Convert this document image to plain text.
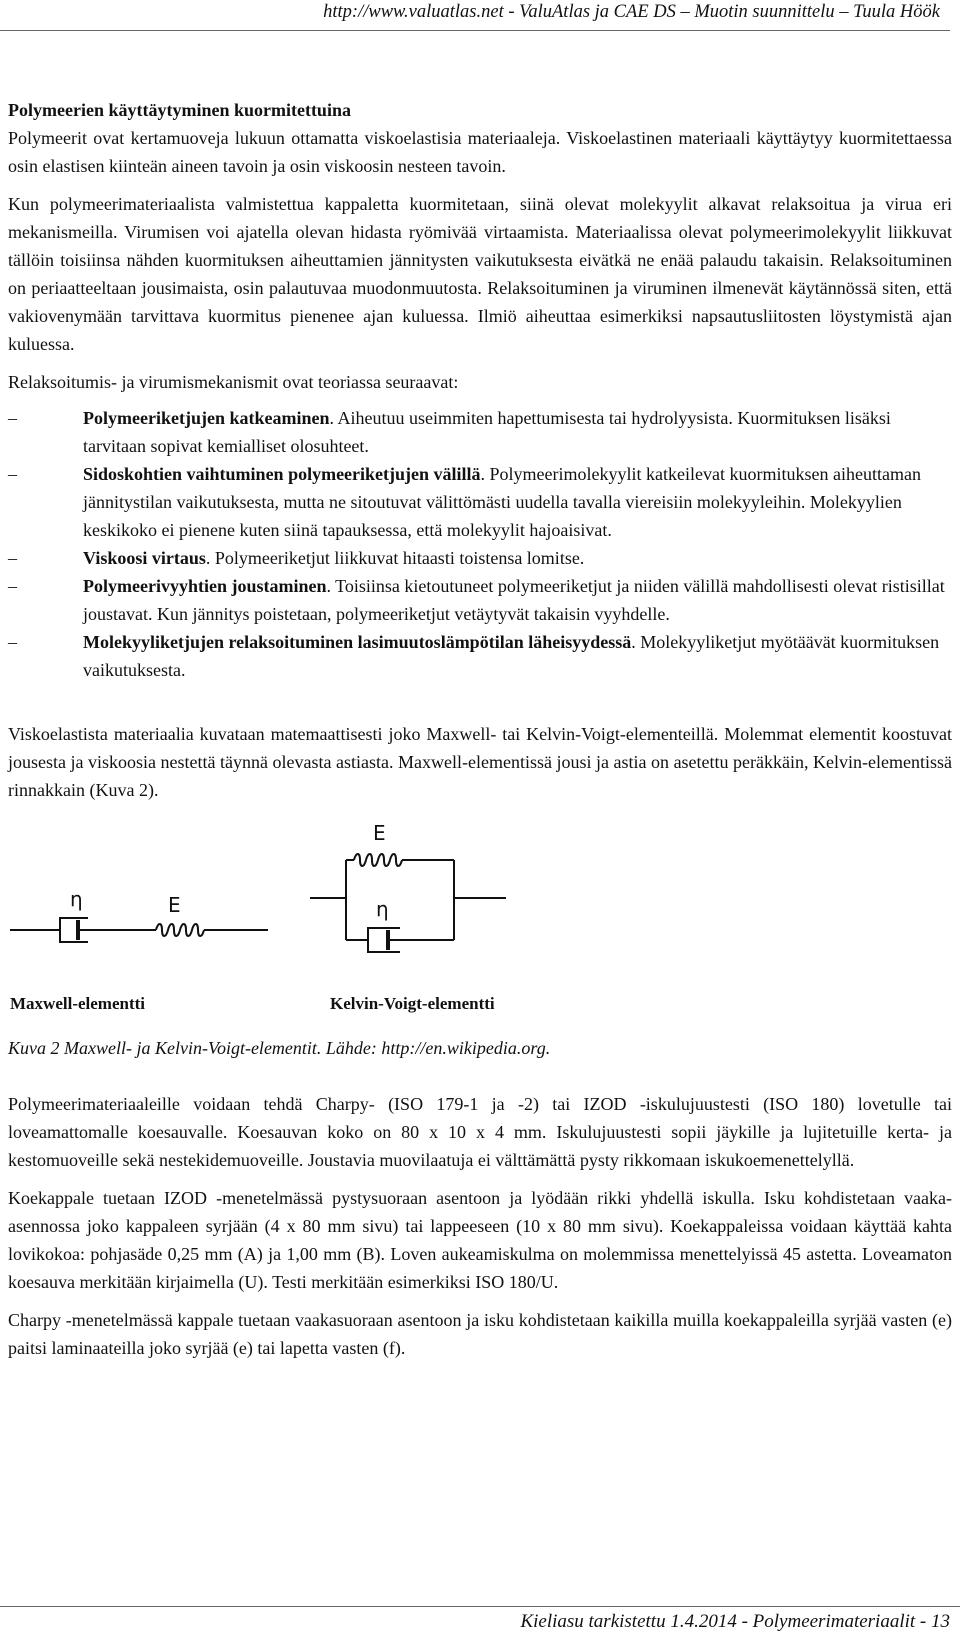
http://www.valuatlas.net - ValuAtlas ja CAE DS – Muotin suunnittelu – Tuula Höök

Polymeerien käyttäytyminen kuormitettuina

Polymeerit ovat kertamuoveja lukuun ottamatta viskoelastisia materiaaleja. Viskoelastinen materiaali käyttäytyy kuormitettaessa osin elastisen kiinteän aineen tavoin ja osin viskoosin nesteen tavoin.

Kun polymeerimateriaalista valmistettua kappaletta kuormitetaan, siinä olevat molekyylit alkavat relaksoitua ja virua eri mekanismeilla. Virumisen voi ajatella olevan hidasta ryömivää virtaamista. Materiaalissa olevat polymeerimolekyylit liikkuvat tällöin toisiinsa nähden kuormituksen aiheuttamien jännitysten vaikutuksesta eivätkä ne enää palaudu takaisin. Relaksoituminen on periaatteeltaan jousimaista, osin palautuvaa muodonmuutosta. Relaksoituminen ja viruminen ilmenevät käytännössä siten, että vakiovenymään tarvittava kuormitus pienenee ajan kuluessa. Ilmiö aiheuttaa esimerkiksi napsautusliitosten löystymistä ajan kuluessa.

Relaksoitumis- ja virumismekanismit ovat teoriassa seuraavat:

–	Polymeeriketjujen katkeaminen. Aiheutuu useimmiten hapettumisesta tai hydrolyysista. Kuormituksen lisäksi tarvitaan sopivat kemialliset olosuhteet.
–	Sidoskohtien vaihtuminen polymeeriketjujen välillä. Polymeerimolekyylit katkeilevat kuormituksen aiheuttaman jännitystilan vaikutuksesta, mutta ne sitoutuvat välittömästi uudella tavalla viereisiin molekyyleihin. Molekyylien keskikoko ei pienene kuten siinä tapauksessa, että molekyylit hajoaisivat.
–	Viskoosi virtaus. Polymeeriketjut liikkuvat hitaasti toistensa lomitse.
–	Polymeerivyyhtien joustaminen. Toisiinsa kietoutuneet polymeeriketjut ja niiden välillä mahdollisesti olevat ristisillat joustavat. Kun jännitys poistetaan, polymeeriketjut vetäytyvät takaisin vyyhdelle.
–	Molekyyliketjujen relaksoituminen lasimuutoslämpötilan läheisyydessä. Molekyyliketjut myötäävät kuormituksen vaikutuksesta.

Viskoelastista materiaalia kuvataan matemaattisesti joko Maxwell- tai Kelvin-Voigt-elementeillä. Molemmat elementit koostuvat jousesta ja viskoosia nestettä täynnä olevasta astiasta. Maxwell-elementissä jousi ja astia on asetettu peräkkäin, Kelvin-elementissä rinnakkain (Kuva 2).

η	E
E
η
Maxwell-elementti	Kelvin-Voigt-elementti

Kuva 2 Maxwell- ja Kelvin-Voigt-elementit. Lähde: http://en.wikipedia.org.

Polymeerimateriaaleille voidaan tehdä Charpy- (ISO 179-1 ja -2) tai IZOD -iskulujuustesti (ISO 180) lovetulle tai loveamattomalle koesauvalle. Koesauvan koko on 80 x 10 x 4 mm. Iskulujuustesti sopii jäykille ja lujitetuille kerta- ja kestomuoveille sekä nestekidemuoveille. Joustavia muovilaatuja ei välttämättä pysty rikkomaan iskukoemenettelyllä.

Koekappale tuetaan IZOD -menetelmässä pystysuoraan asentoon ja lyödään rikki yhdellä iskulla. Isku kohdistetaan vaaka-asennossa joko kappaleen syrjään (4 x 80 mm sivu) tai lappeeseen (10 x 80 mm sivu). Koekappaleissa voidaan käyttää kahta lovikokoa: pohjasäde 0,25 mm (A) ja 1,00 mm (B). Loven aukeamiskulma on molemmissa menettelyissä 45 astetta. Loveamaton koesauva merkitään kirjaimella (U). Testi merkitään esimerkiksi ISO 180/U.

Charpy -menetelmässä kappale tuetaan vaakasuoraan asentoon ja isku kohdistetaan kaikilla muilla koekappaleilla syrjää vasten (e) paitsi laminaateilla joko syrjää (e) tai lapetta vasten (f).

Kieliasu tarkistettu 1.4.2014 - Polymeerimateriaalit - 13
